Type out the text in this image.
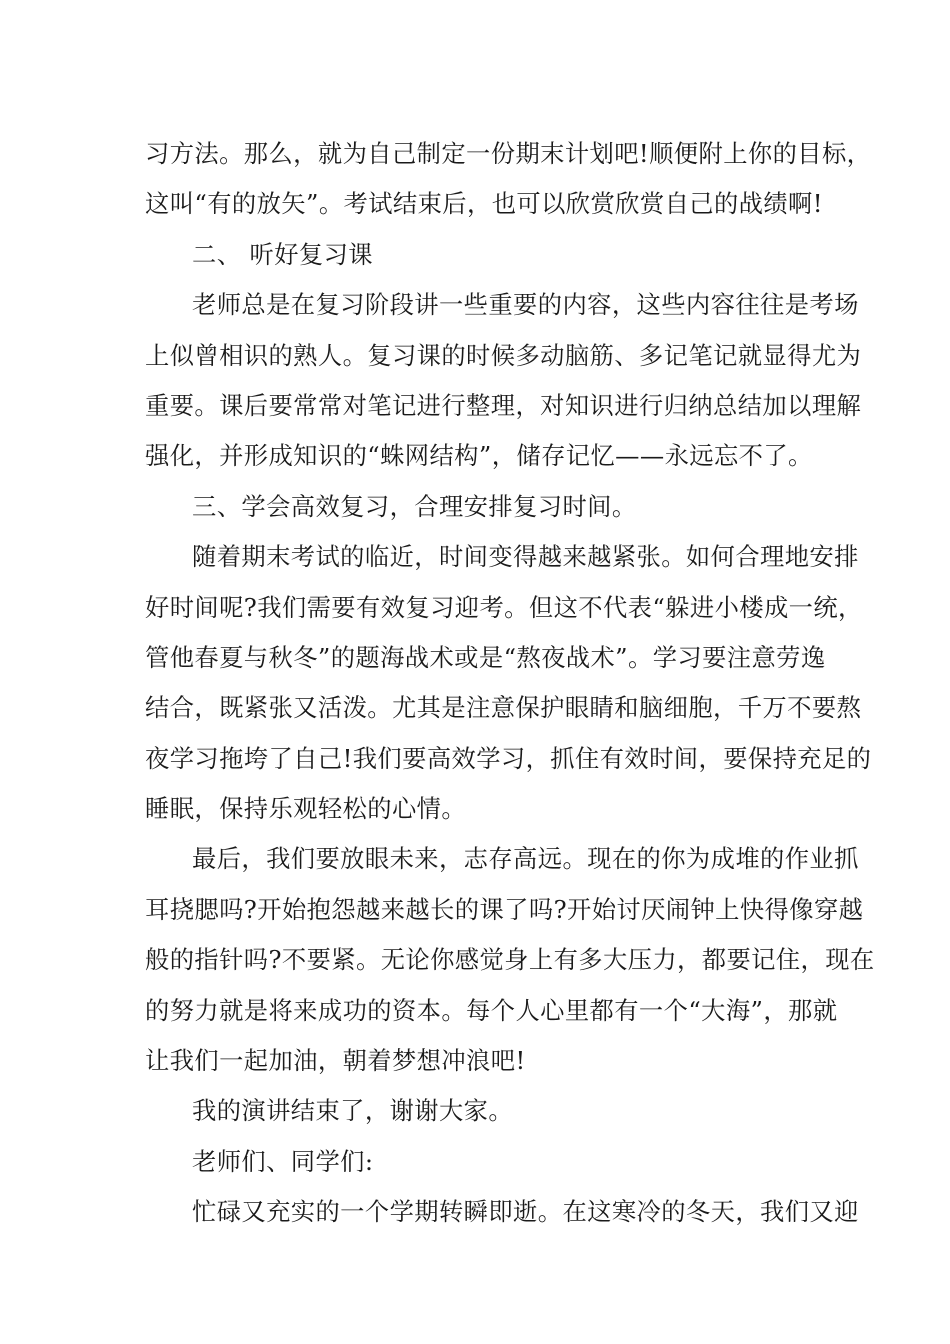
习方法。那么，就为自己制定一份期末计划吧!顺便附上你的目标，
这叫“有的放矢”。考试结束后，也可以欣赏欣赏自己的战绩啊!
二、 听好复习课
老师总是在复习阶段讲一些重要的内容，这些内容往往是考场
上似曾相识的熟人。复习课的时候多动脑筋、多记笔记就显得尤为
重要。课后要常常对笔记进行整理，对知识进行归纳总结加以理解
强化，并形成知识的“蛛网结构”，储存记忆——永远忘不了。
三、学会高效复习，合理安排复习时间。
随着期末考试的临近，时间变得越来越紧张。如何合理地安排
好时间呢?我们需要有效复习迎考。但这不代表“躲进小楼成一统，
管他春夏与秋冬”的题海战术或是“熬夜战术”。学习要注意劳逸
结合，既紧张又活泼。尤其是注意保护眼睛和脑细胞，千万不要熬
夜学习拖垮了自己!我们要高效学习，抓住有效时间，要保持充足的
睡眠，保持乐观轻松的心情。
最后，我们要放眼未来，志存高远。现在的你为成堆的作业抓
耳挠腮吗?开始抱怨越来越长的课了吗?开始讨厌闹钟上快得像穿越
般的指针吗?不要紧。无论你感觉身上有多大压力，都要记住，现在
的努力就是将来成功的资本。每个人心里都有一个“大海”，那就
让我们一起加油，朝着梦想冲浪吧!
我的演讲结束了，谢谢大家。
老师们、同学们:
忙碌又充实的一个学期转瞬即逝。在这寒冷的冬天，我们又迎
